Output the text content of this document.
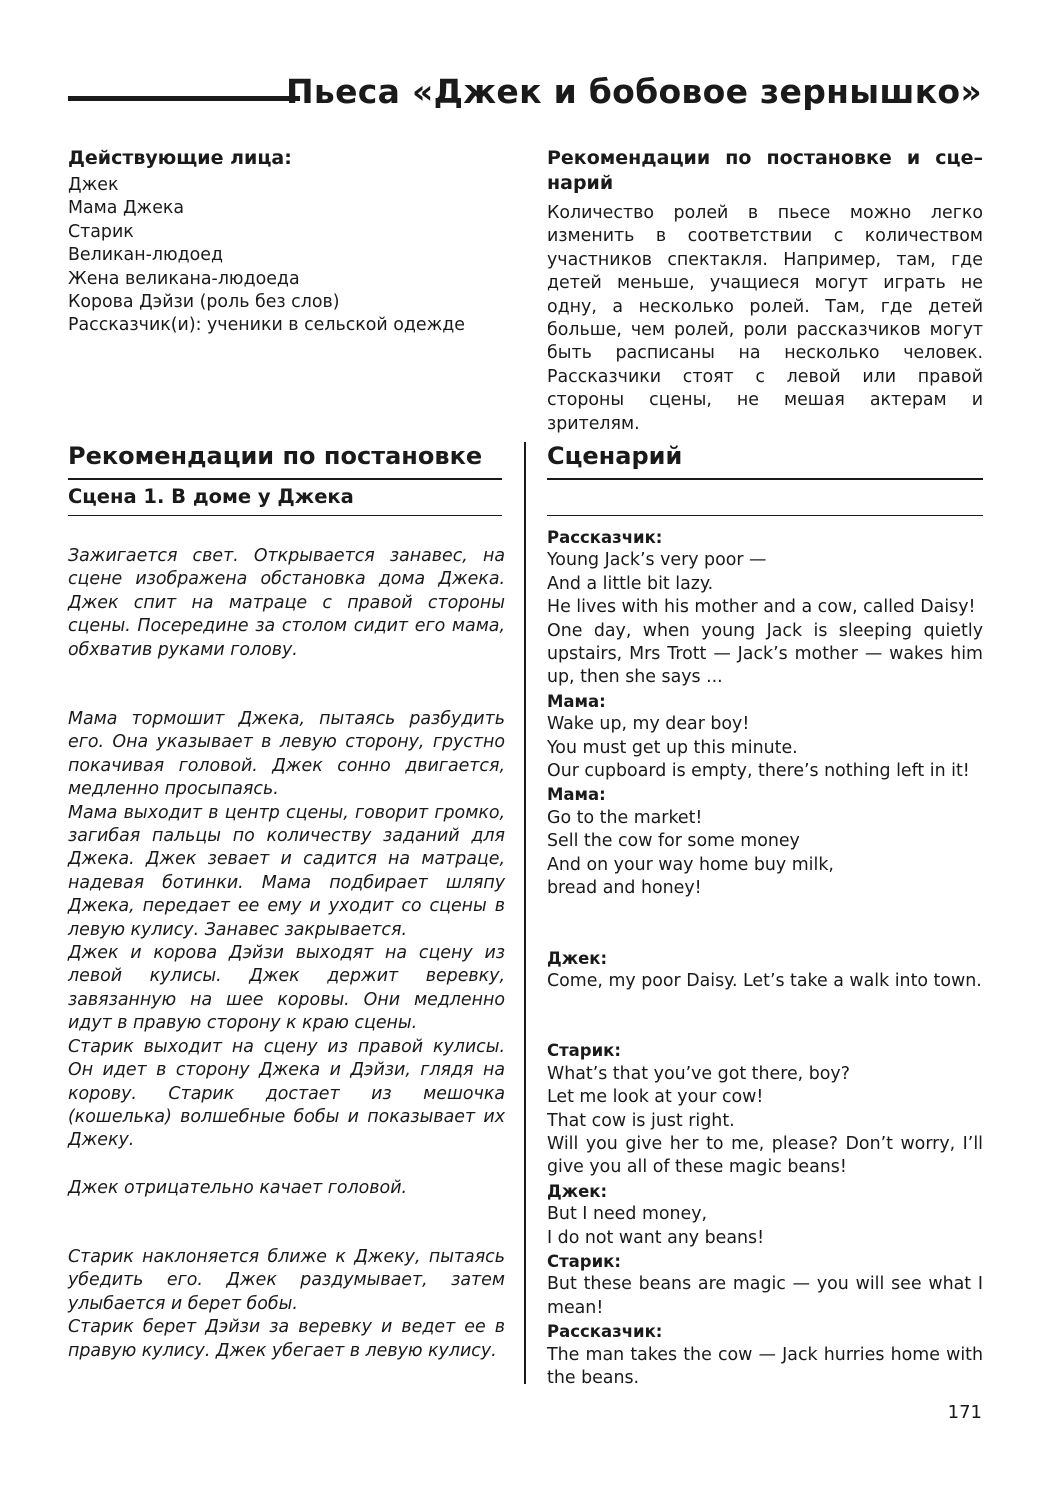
Пьеса «Джек и бобовое зернышко»
Действующие лица:
Джек
Мама Джека
Старик
Великан-людоед
Жена великана-людоеда
Корова Дэйзи (роль без слов)
Рассказчик(и): ученики в сельской одежде
Рекомендации по постановке и сце–нарий
Количество ролей в пьесе можно легко изменить в соответствии с количеством участников спектакля. Например, там, где детей меньше, учащиеся могут играть не одну, а несколько ролей. Там, где детей больше, чем ролей, роли рассказчиков могут быть расписаны на несколько человек. Рассказчики стоят с левой или правой стороны сцены, не мешая актерам и зрителям.
Рекомендации по постановке
Сцена 1. В доме у Джека
Сценарий
Зажигается свет. Открывается занавес, на сцене изображена обстановка дома Джека. Джек спит на матраце с правой стороны сцены. Посередине за столом сидит его мама, обхватив руками голову.
Мама тормошит Джека, пытаясь разбудить его. Она указывает в левую сторону, грустно покачивая головой. Джек сонно двигается, медленно просыпаясь.
Мама выходит в центр сцены, говорит громко, загибая пальцы по количеству заданий для Джека. Джек зевает и садится на матраце, надевая ботинки. Мама подбирает шляпу Джека, передает ее ему и уходит со сцены в левую кулису. Занавес закрывается.
Джек и корова Дэйзи выходят на сцену из левой кулисы. Джек держит веревку, завязанную на шее коровы. Они медленно идут в правую сторону к краю сцены.
Старик выходит на сцену из правой кулисы. Он идет в сторону Джека и Дэйзи, глядя на корову. Старик достает из мешочка (кошелька) волшебные бобы и показывает их Джеку.
Джек отрицательно качает головой.
Старик наклоняется ближе к Джеку, пытаясь убедить его. Джек раздумывает, затем улыбается и берет бобы.
Старик берет Дэйзи за веревку и ведет ее в правую кулису. Джек убегает в левую кулису.
Рассказчик:
Young Jack’s very poor —
And a little bit lazy.
He lives with his mother and a cow, called Daisy!
One day, when young Jack is sleeping quietly upstairs, Mrs Trott — Jack’s mother — wakes him up, then she says ...
Мама:
Wake up, my dear boy!
You must get up this minute.
Our cupboard is empty, there’s nothing left in it!
Мама:
Go to the market!
Sell the cow for some money
And on your way home buy milk,
bread and honey!
Джек:
Come, my poor Daisy. Let’s take a walk into town.
Старик:
What’s that you’ve got there, boy?
Let me look at your cow!
That cow is just right.
Will you give her to me, please? Don’t worry, I’ll give you all of these magic beans!
Джек:
But I need money,
I do not want any beans!
Старик:
But these beans are magic — you will see what I mean!
Рассказчик:
The man takes the cow — Jack hurries home with the beans.
171
